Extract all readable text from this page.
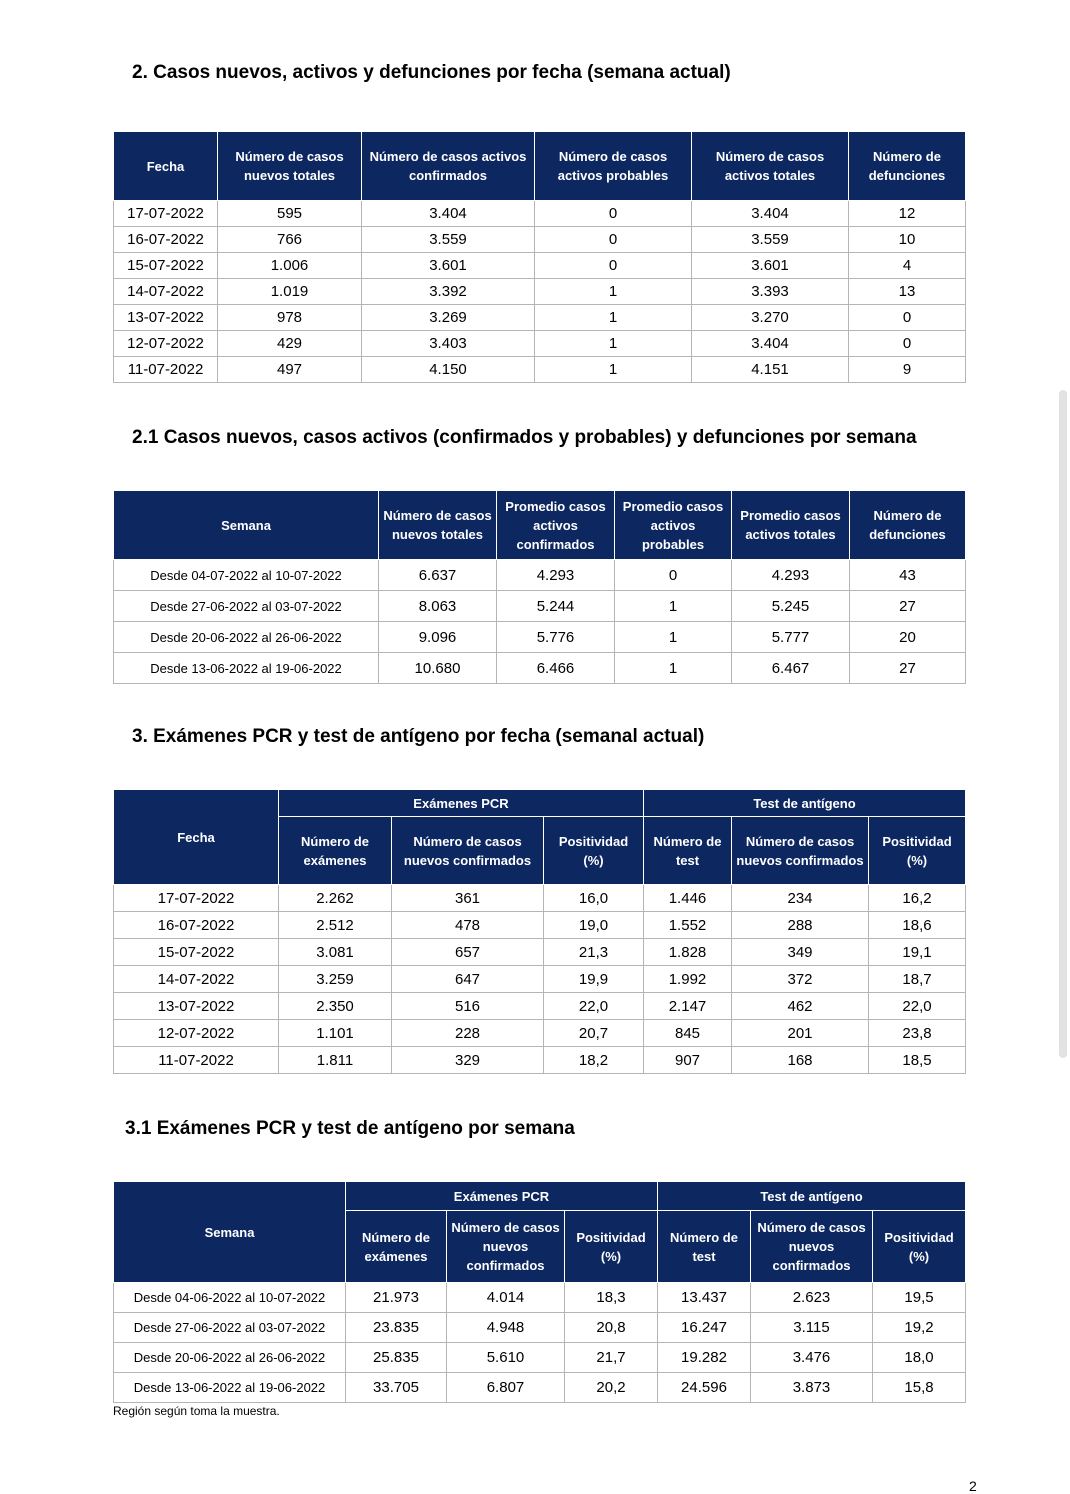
2. Casos nuevos, activos y defunciones por fecha (semana actual)
Fecha	Número de casos nuevos totales	Número de casos activos confirmados	Número de casos activos probables	Número de casos activos totales	Número de defunciones
17-07-2022	595	3.404	0	3.404	12
16-07-2022	766	3.559	0	3.559	10
15-07-2022	1.006	3.601	0	3.601	4
14-07-2022	1.019	3.392	1	3.393	13
13-07-2022	978	3.269	1	3.270	0
12-07-2022	429	3.403	1	3.404	0
11-07-2022	497	4.150	1	4.151	9
2.1 Casos nuevos, casos activos (confirmados y probables) y defunciones por semana
Semana	Número de casos nuevos totales	Promedio casos activos confirmados	Promedio casos activos probables	Promedio casos activos totales	Número de defunciones
Desde 04-07-2022 al 10-07-2022	6.637	4.293	0	4.293	43
Desde 27-06-2022 al 03-07-2022	8.063	5.244	1	5.245	27
Desde 20-06-2022 al 26-06-2022	9.096	5.776	1	5.777	20
Desde 13-06-2022 al 19-06-2022	10.680	6.466	1	6.467	27
3. Exámenes PCR y test de antígeno por fecha (semanal actual)
Fecha	Exámenes PCR			Test de antígeno		
	Número de exámenes	Número de casos nuevos confirmados	Positividad (%)	Número de test	Número de casos nuevos confirmados	Positividad (%)
17-07-2022	2.262	361	16,0	1.446	234	16,2
16-07-2022	2.512	478	19,0	1.552	288	18,6
15-07-2022	3.081	657	21,3	1.828	349	19,1
14-07-2022	3.259	647	19,9	1.992	372	18,7
13-07-2022	2.350	516	22,0	2.147	462	22,0
12-07-2022	1.101	228	20,7	845	201	23,8
11-07-2022	1.811	329	18,2	907	168	18,5
3.1 Exámenes PCR y test de antígeno por semana
Semana	Exámenes PCR			Test de antígeno		
	Número de exámenes	Número de casos nuevos confirmados	Positividad (%)	Número de test	Número de casos nuevos confirmados	Positividad (%)
Desde 04-06-2022 al 10-07-2022	21.973	4.014	18,3	13.437	2.623	19,5
Desde 27-06-2022 al 03-07-2022	23.835	4.948	20,8	16.247	3.115	19,2
Desde 20-06-2022 al 26-06-2022	25.835	5.610	21,7	19.282	3.476	18,0
Desde 13-06-2022 al 19-06-2022	33.705	6.807	20,2	24.596	3.873	15,8

Región según toma la muestra.

2
